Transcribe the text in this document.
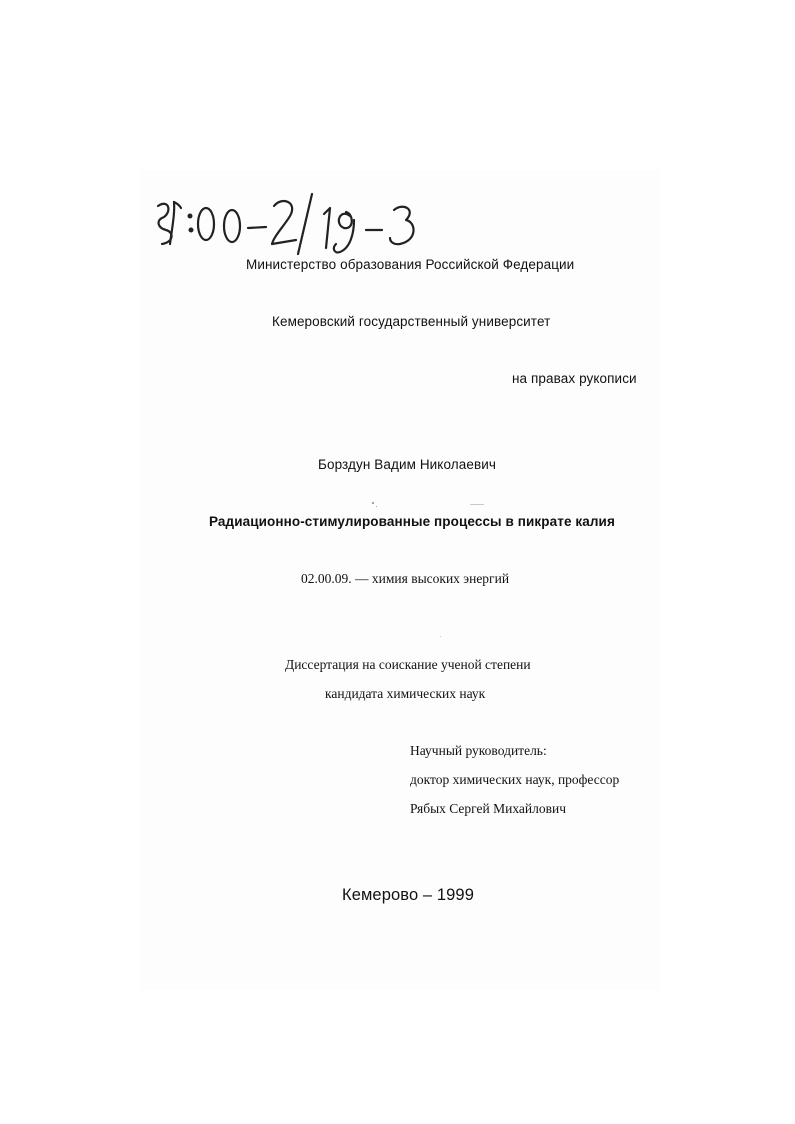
Министерство образования Российской Федерации

Кемеровский государственный университет

на правах рукописи

Борздун Вадим Николаевич

Радиационно-стимулированные процессы в пикрате калия

02.00.09. — химия высоких энергий

Диссертация на соискание ученой степени

кандидата химических наук

Научный руководитель:

доктор химических наук, профессор

Рябых Сергей Михайлович

Кемерово – 1999
